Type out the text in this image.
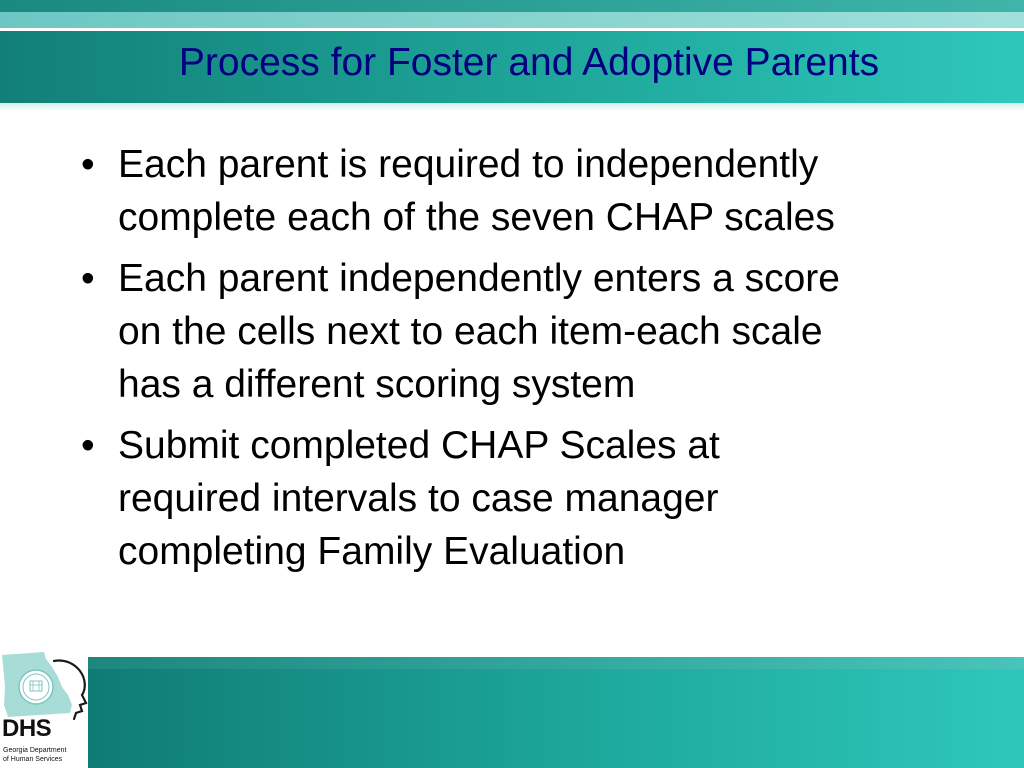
Process for Foster and Adoptive Parents
• Each parent is required to independently
complete each of the seven CHAP scales
• Each parent independently enters a score
on the cells next to each item-each scale
has a different scoring system
• Submit completed CHAP Scales at
required intervals to case manager
completing Family Evaluation
DHS
Georgia Department
of Human Services
